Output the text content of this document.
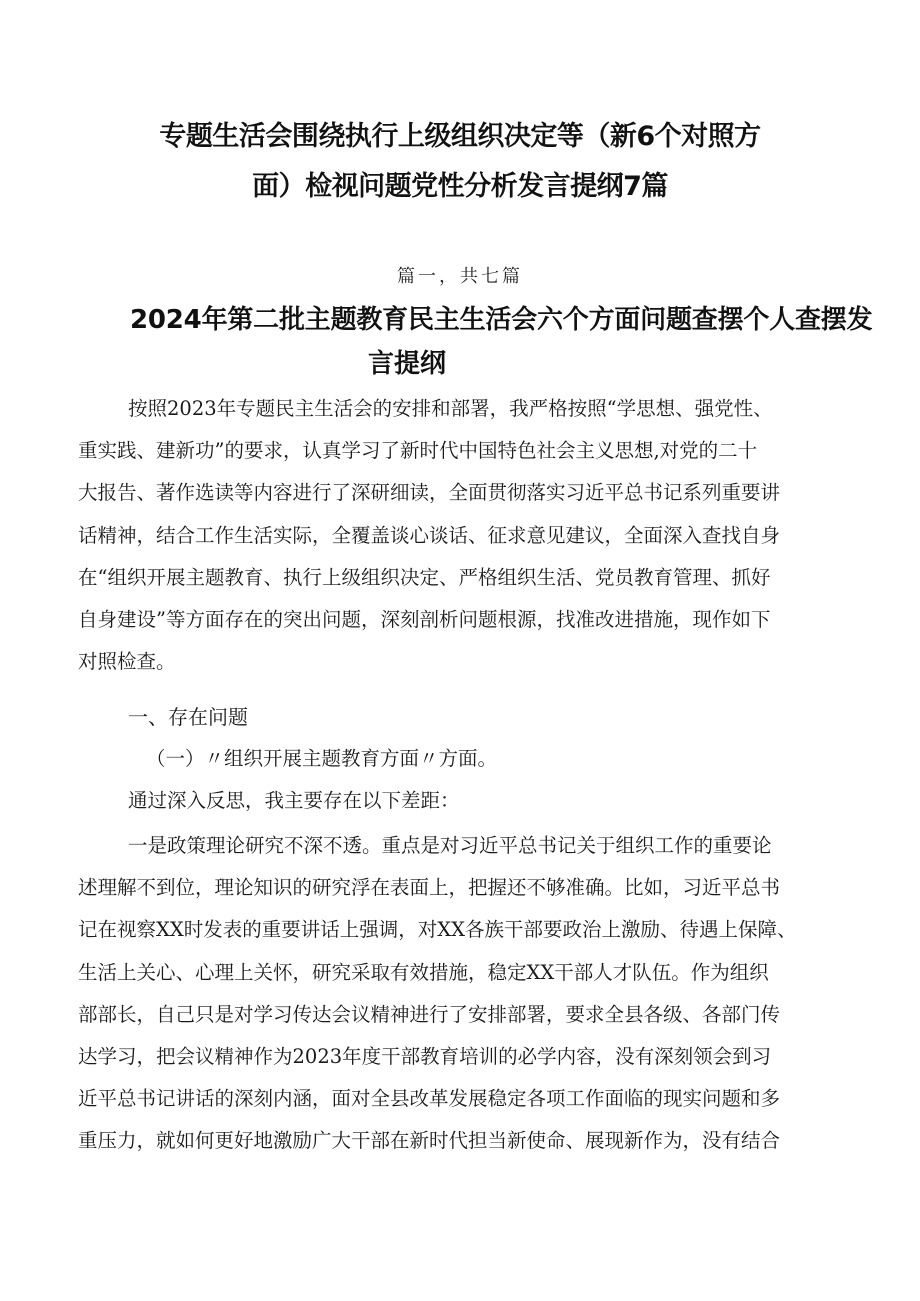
专题生活会围绕执行上级组织决定等（新6个对照方
面）检视问题党性分析发言提纲7篇

篇一，共七篇

2024年第二批主题教育民主生活会六个方面问题查摆个人查摆发
言提纲
按照2023年专题民主生活会的安排和部署，我严格按照“学思想、强党性、
重实践、建新功”的要求，认真学习了新时代中国特色社会主义思想,对党的二十
大报告、著作选读等内容进行了深研细读，全面贯彻落实习近平总书记系列重要讲
话精神，结合工作生活实际，全覆盖谈心谈话、征求意见建议，全面深入查找自身
在“组织开展主题教育、执行上级组织决定、严格组织生活、党员教育管理、抓好
自身建设”等方面存在的突出问题，深刻剖析问题根源，找准改进措施，现作如下
对照检查。
一、存在问题
（一）〃组织开展主题教育方面〃方面。
通过深入反思，我主要存在以下差距：
一是政策理论研究不深不透。重点是对习近平总书记关于组织工作的重要论
述理解不到位，理论知识的研究浮在表面上，把握还不够准确。比如，习近平总书
记在视察XX时发表的重要讲话上强调，对XX各族干部要政治上激励、待遇上保障、
生活上关心、心理上关怀，研究采取有效措施，稳定XX干部人才队伍。作为组织
部部长，自己只是对学习传达会议精神进行了安排部署，要求全县各级、各部门传
达学习，把会议精神作为2023年度干部教育培训的必学内容，没有深刻领会到习
近平总书记讲话的深刻内涵，面对全县改革发展稳定各项工作面临的现实问题和多
重压力，就如何更好地激励广大干部在新时代担当新使命、展现新作为，没有结合
